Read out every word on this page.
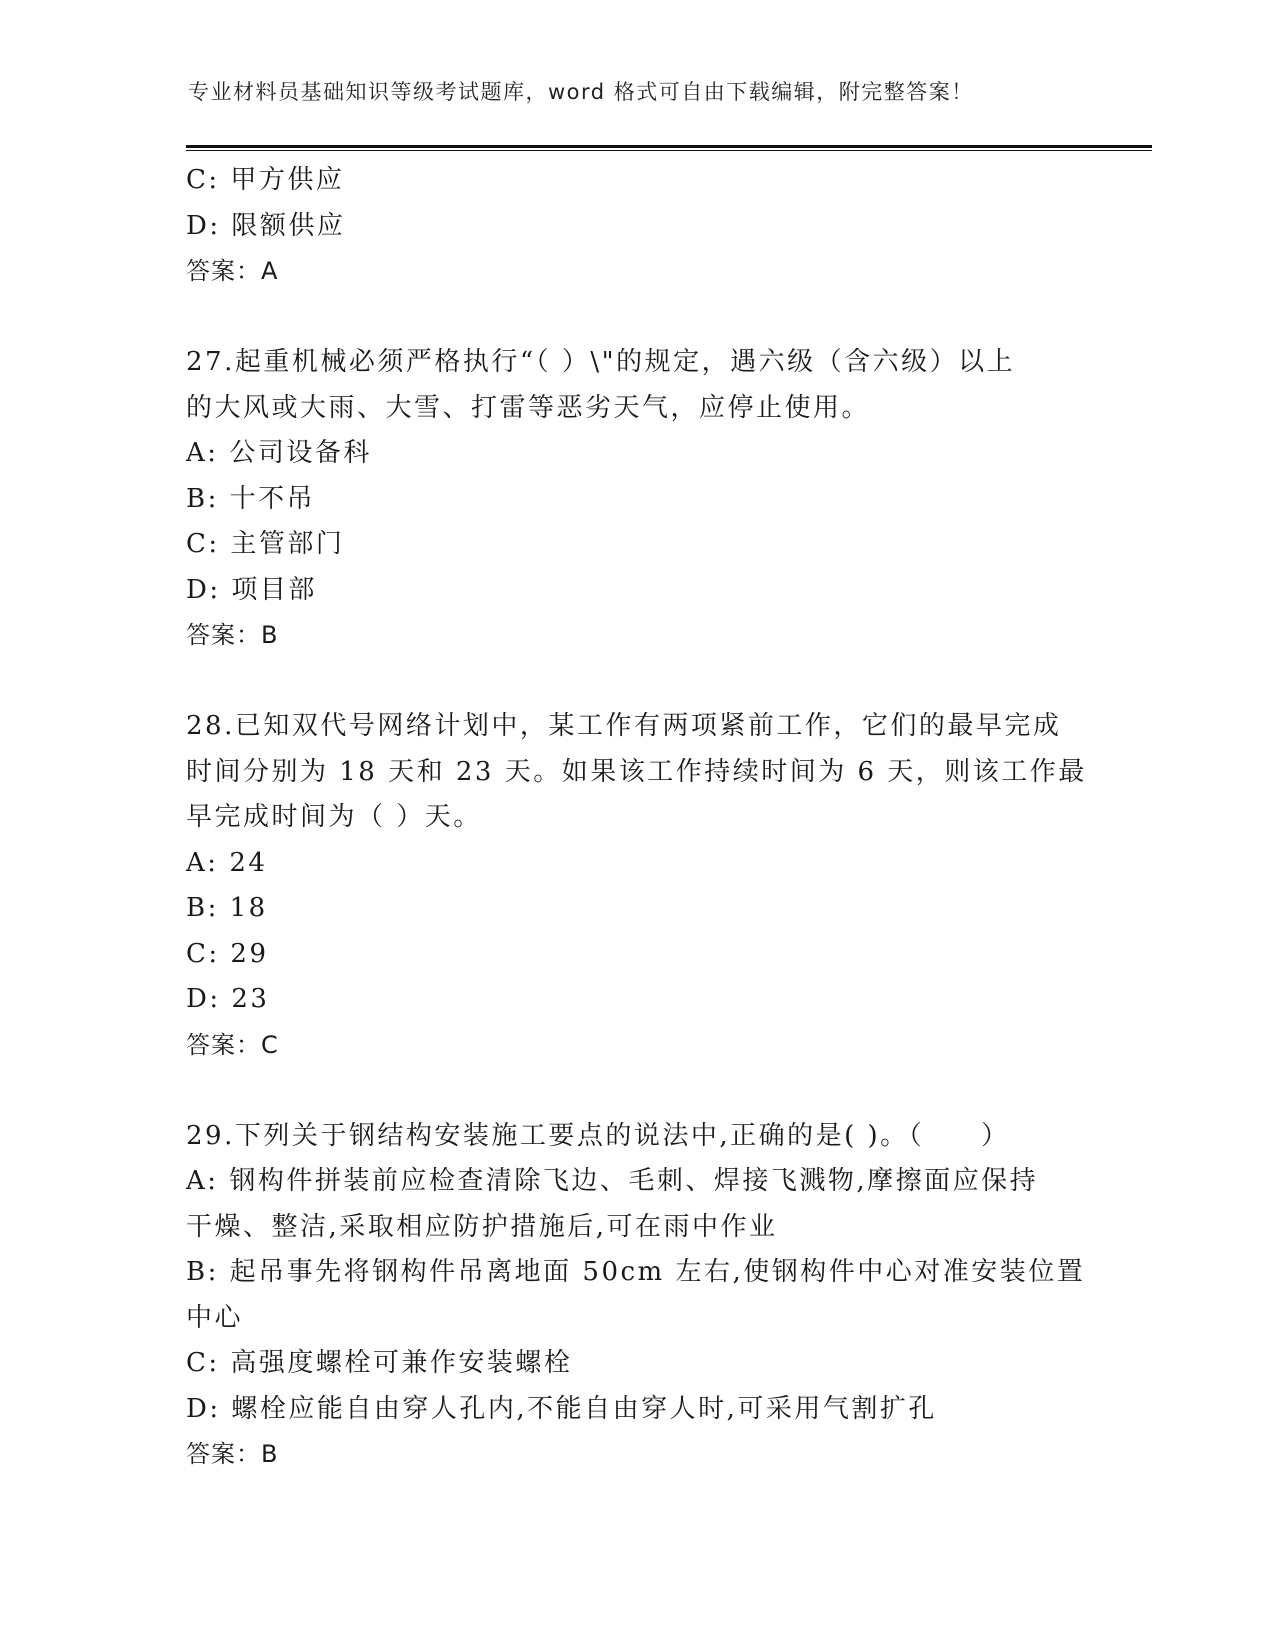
专业材料员基础知识等级考试题库，word 格式可自由下载编辑，附完整答案！
C: 甲方供应
D: 限额供应
答案：A
27.起重机械必须严格执行“（ ）\"的规定，遇六级（含六级）以上
的大风或大雨、大雪、打雷等恶劣天气，应停止使用。
A: 公司设备科
B: 十不吊
C: 主管部门
D: 项目部
答案：B
28.已知双代号网络计划中，某工作有两项紧前工作，它们的最早完成
时间分别为 18 天和 23 天。如果该工作持续时间为 6 天，则该工作最
早完成时间为（ ）天。
A: 24
B: 18
C: 29
D: 23
答案：C
29.下列关于钢结构安装施工要点的说法中,正确的是( )。（　　）
A: 钢构件拼装前应检查清除飞边、毛刺、焊接飞溅物,摩擦面应保持
干燥、整洁,采取相应防护措施后,可在雨中作业
B: 起吊事先将钢构件吊离地面 50cm 左右,使钢构件中心对准安装位置
中心
C: 高强度螺栓可兼作安装螺栓
D: 螺栓应能自由穿人孔内,不能自由穿人时,可采用气割扩孔
答案：B
